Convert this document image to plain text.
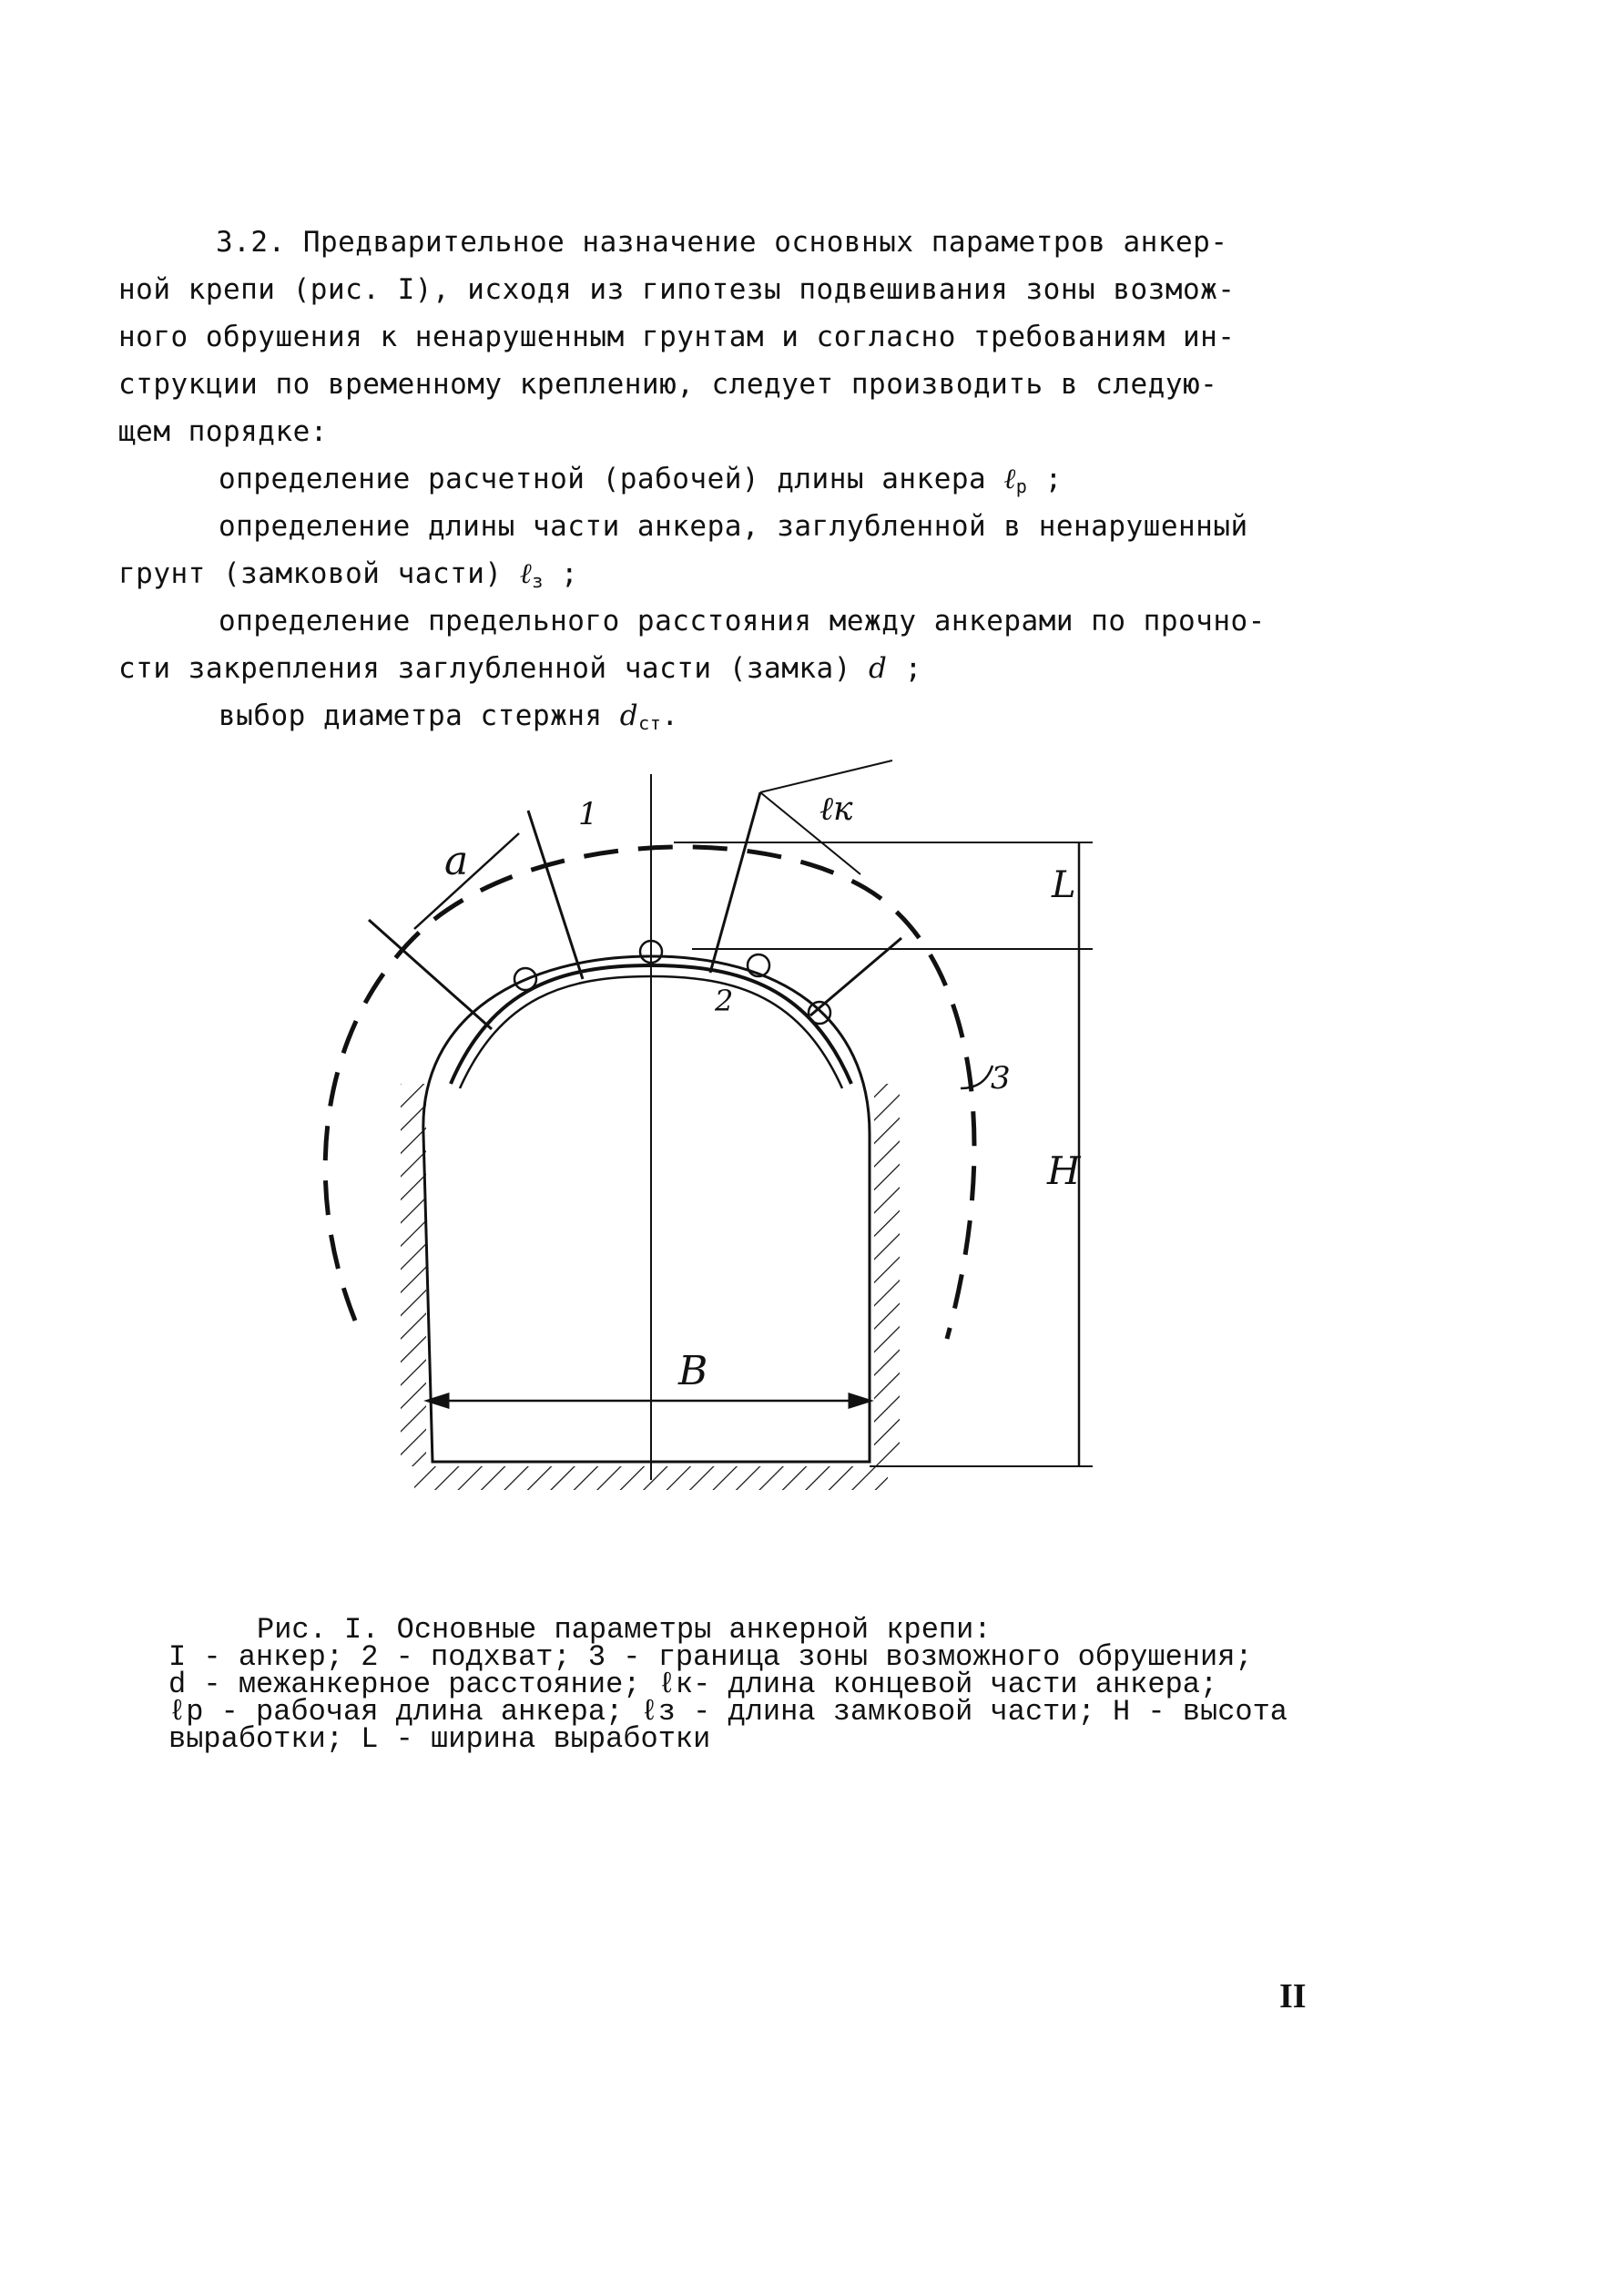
3.2. Предварительное назначение основных параметров анкер-
ной крепи (рис. I), исходя из гипотезы подвешивания зоны возмож-
ного обрушения к ненарушенным грунтам и согласно требованиям ин-
струкции по временному креплению, следует производить в следую-
щем порядке:
определение расчетной (рабочей) длины анкера ℓ$_р$ ;
определение длины части анкера, заглубленной в ненарушенный
грунт (замковой части) ℓ$_з$ ;
определение предельного расстояния между анкерами по прочно-
сти закрепления заглубленной части (замка) d ;
выбор диаметра стержня $d_{ст}$.
a
1
2
3
ℓк
L
H
B
Рис. I. Основные параметры анкерной крепи:
I - анкер; 2 - подхват; 3 - граница зоны возможного обрушения;
d - межанкерное расстояние; ℓк- длина концевой части анкера;
ℓр - рабочая длина анкера; ℓз - длина замковой части; H - высота
выработки; L - ширина выработки
II
